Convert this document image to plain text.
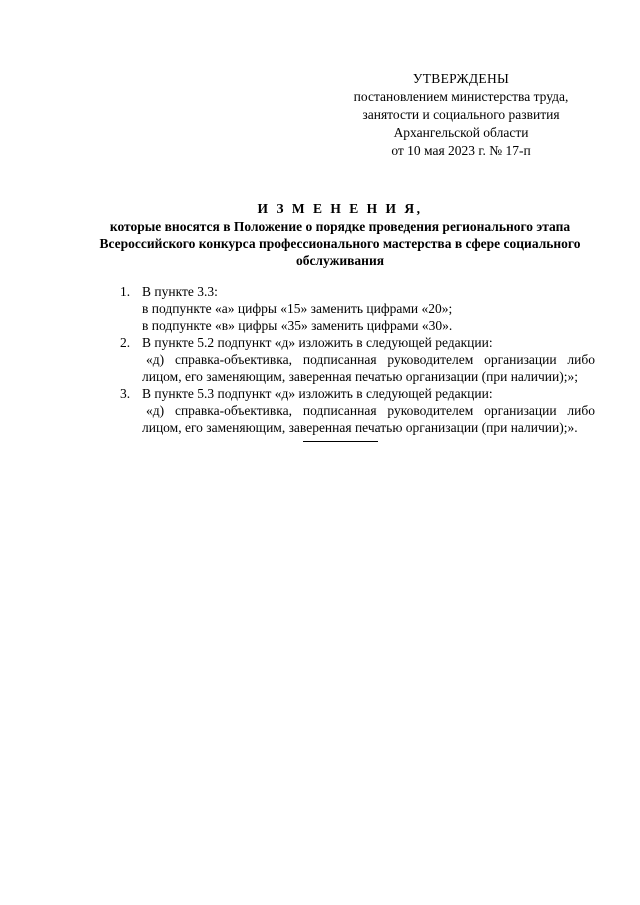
УТВЕРЖДЕНЫ
постановлением министерства труда,
занятости и социального развития
Архангельской области
от 10 мая 2023 г. № 17-п
И З М Е Н Е Н И Я,
которые вносятся в Положение о порядке проведения регионального этапа Всероссийского конкурса профессионального мастерства в сфере социального обслуживания
1. В пункте 3.3:
в подпункте «а» цифры «15» заменить цифрами «20»;
в подпункте «в» цифры «35» заменить цифрами «30».
2. В пункте 5.2 подпункт «д» изложить в следующей редакции:
«д) справка-объективка, подписанная руководителем организации либо лицом, его заменяющим, заверенная печатью организации (при наличии);»;
3. В пункте 5.3 подпункт «д» изложить в следующей редакции:
«д) справка-объективка, подписанная руководителем организации либо лицом, его заменяющим, заверенная печатью организации (при наличии);».
